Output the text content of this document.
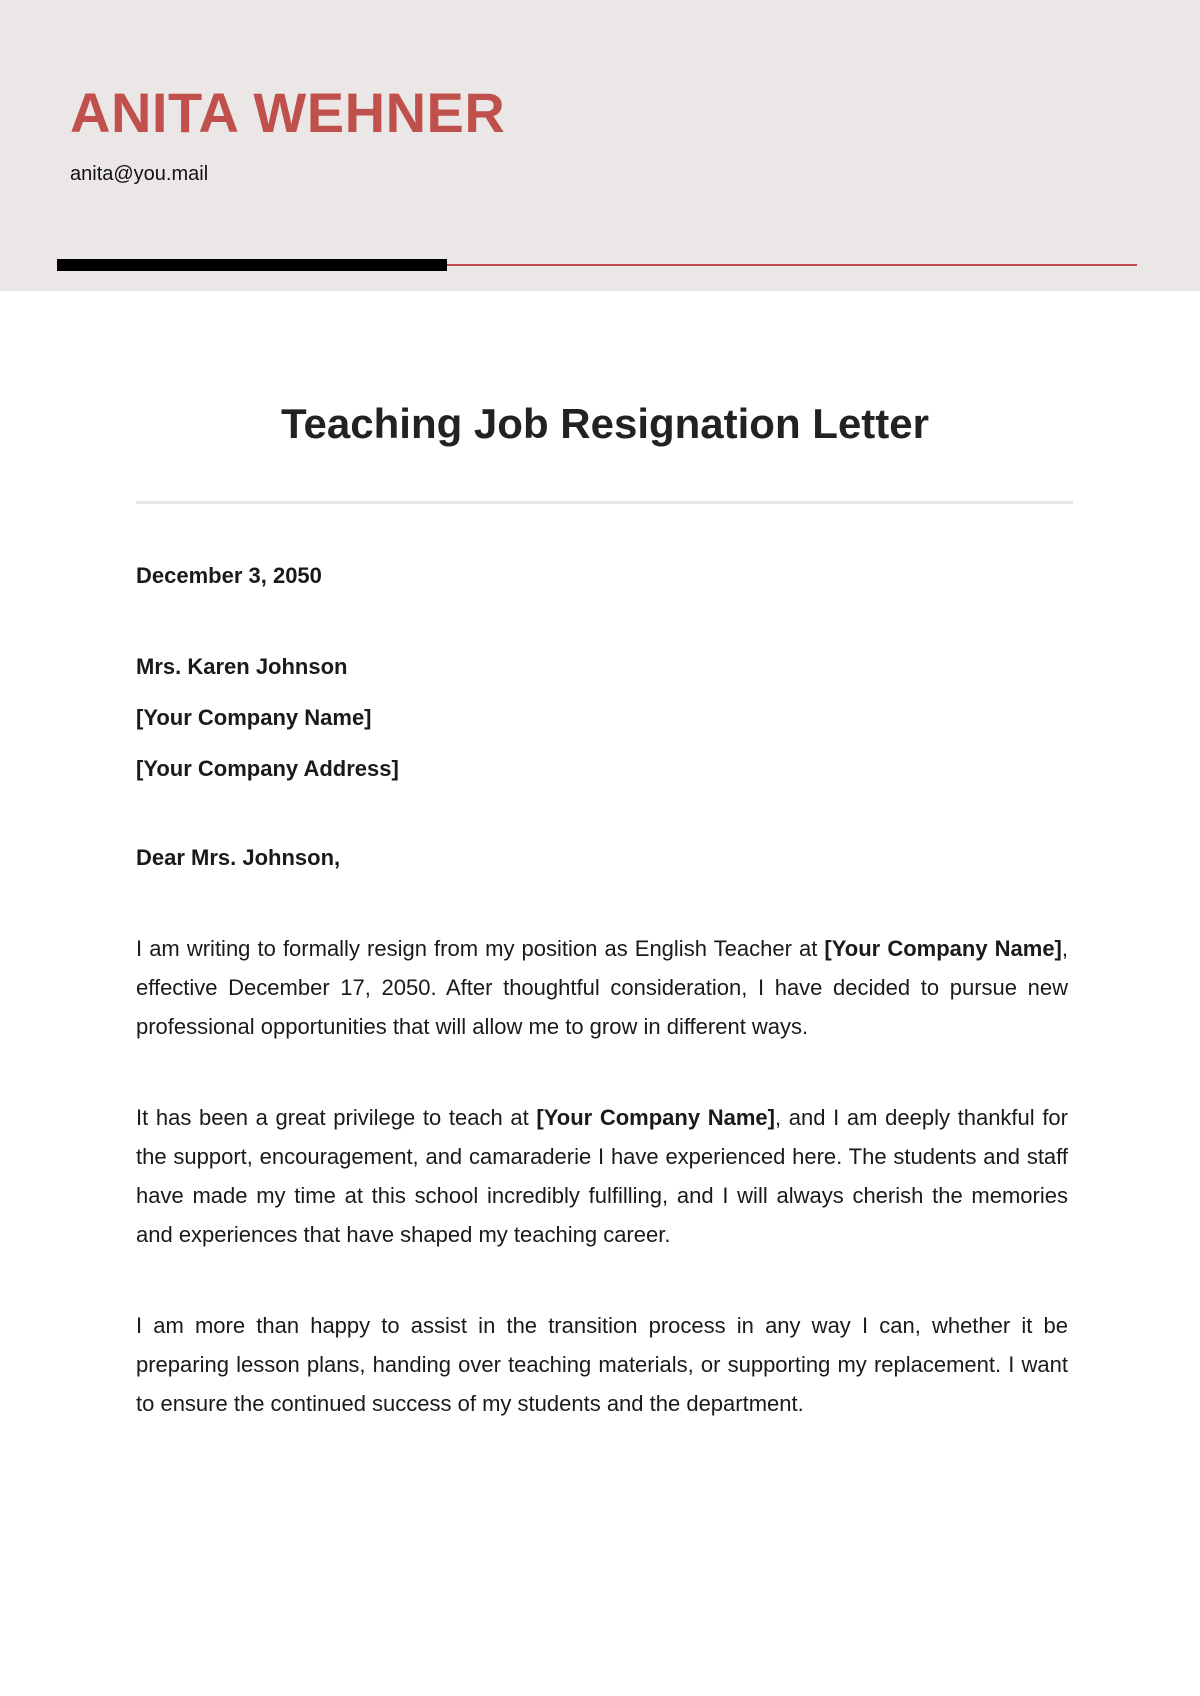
ANITA WEHNER
anita@you.mail
Teaching Job Resignation Letter
December 3, 2050
Mrs. Karen Johnson
[Your Company Name]
[Your Company Address]
Dear Mrs. Johnson,

I am writing to formally resign from my position as English Teacher at [Your Company Name], effective December 17, 2050. After thoughtful consideration, I have decided to pursue new professional opportunities that will allow me to grow in different ways.

It has been a great privilege to teach at [Your Company Name], and I am deeply thankful for the support, encouragement, and camaraderie I have experienced here. The students and staff have made my time at this school incredibly fulfilling, and I will always cherish the memories and experiences that have shaped my teaching career.

I am more than happy to assist in the transition process in any way I can, whether it be preparing lesson plans, handing over teaching materials, or supporting my replacement. I want to ensure the continued success of my students and the department.
